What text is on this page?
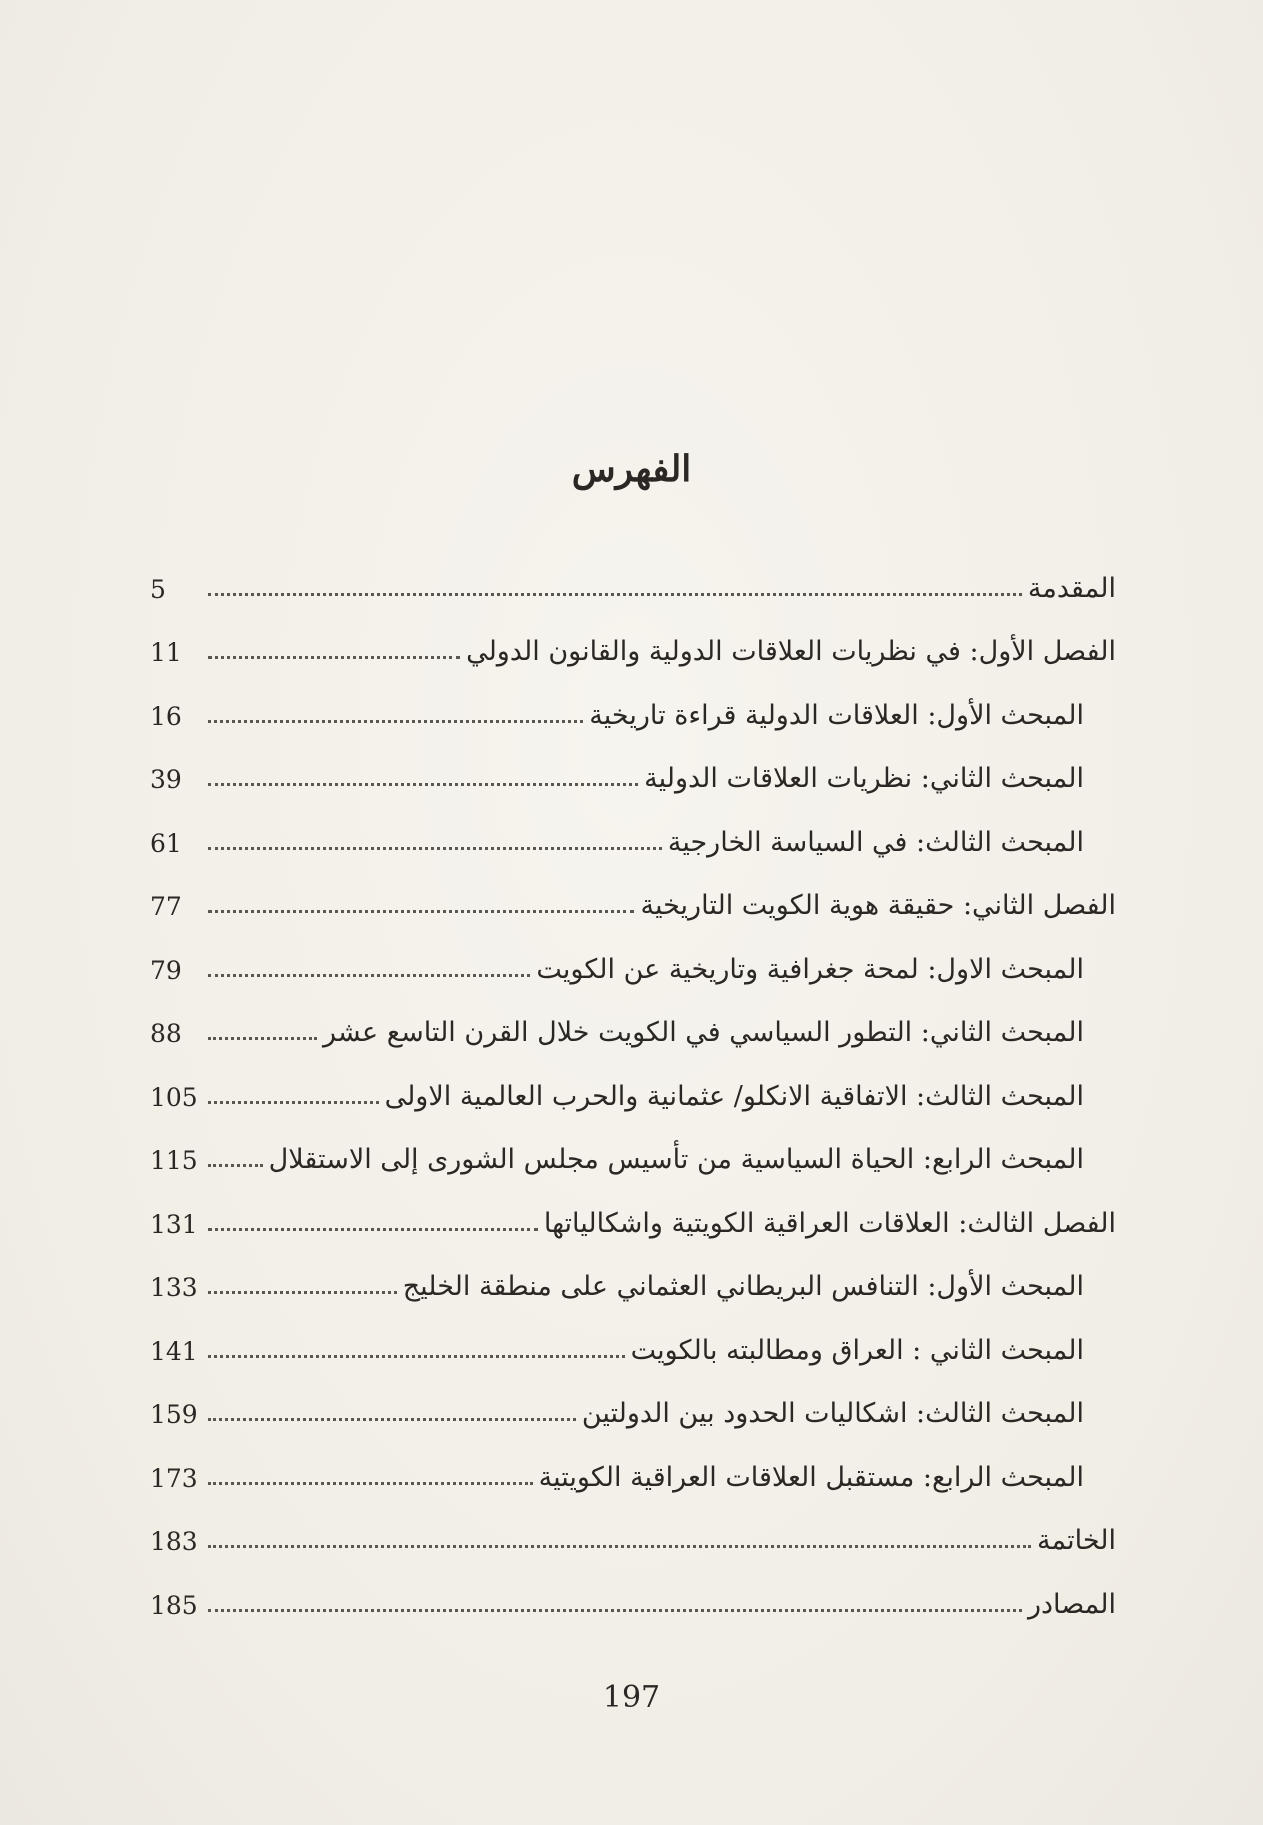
الفهرس
المقدمة
5
الفصل الأول: في نظريات العلاقات الدولية والقانون الدولي
11
المبحث الأول: العلاقات الدولية قراءة تاريخية
16
المبحث الثاني: نظريات العلاقات الدولية
39
المبحث الثالث: في السياسة الخارجية
61
الفصل الثاني: حقيقة هوية الكويت التاريخية
77
المبحث الاول: لمحة جغرافية وتاريخية عن الكويت
79
المبحث الثاني: التطور السياسي في الكويت خلال القرن التاسع عشر
88
المبحث الثالث: الاتفاقية الانكلو/ عثمانية والحرب العالمية الاولى
105
المبحث الرابع: الحياة السياسية من تأسيس مجلس الشورى إلى الاستقلال
115
الفصل الثالث: العلاقات العراقية الكويتية واشكالياتها
131
المبحث الأول: التنافس البريطاني العثماني على منطقة الخليج
133
المبحث الثاني : العراق ومطالبته بالكويت
141
المبحث الثالث: اشكاليات الحدود بين الدولتين
159
المبحث الرابع: مستقبل العلاقات العراقية الكويتية
173
الخاتمة
183
المصادر
185
197
